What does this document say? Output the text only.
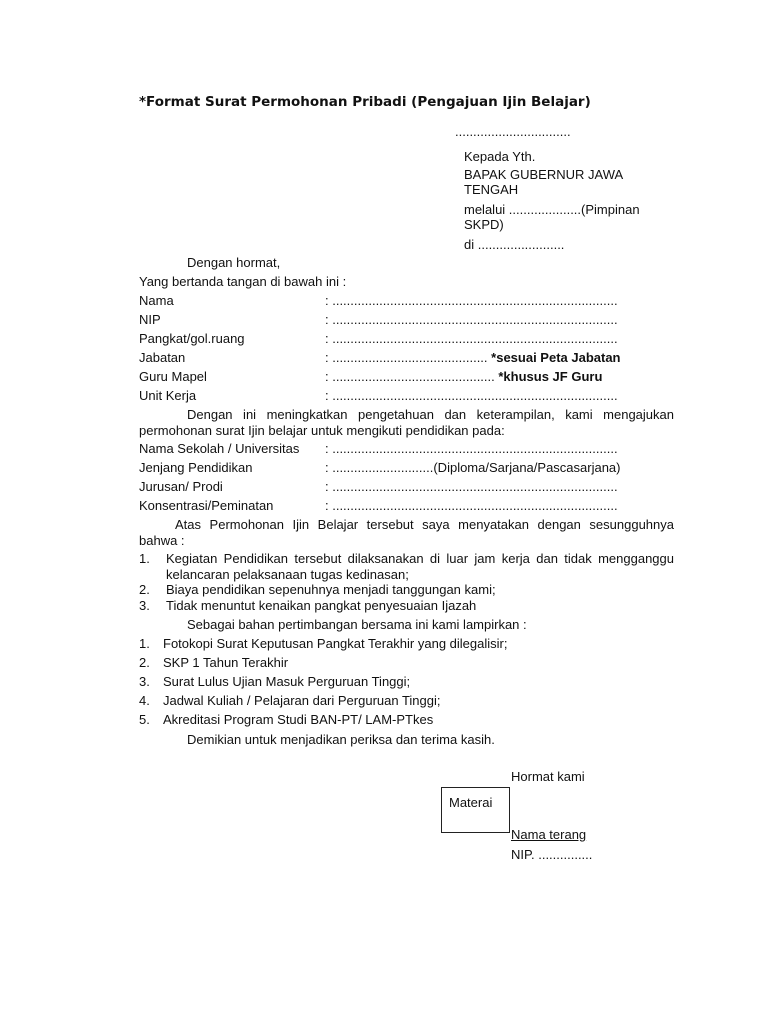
*Format Surat Permohonan Pribadi (Pengajuan Ijin Belajar)
................................
Kepada Yth.
BAPAK GUBERNUR JAWA
TENGAH
melalui ....................(Pimpinan
SKPD)
di ........................
Dengan hormat,
Yang bertanda tangan di bawah ini :
Nama	: ...............................................................................
NIP	: ...............................................................................
Pangkat/gol.ruang	: ...............................................................................
Jabatan	: ........................................... *sesuai Peta Jabatan
Guru Mapel	: ............................................. *khusus JF Guru
Unit Kerja	: ...............................................................................
Dengan ini meningkatkan pengetahuan dan keterampilan, kami mengajukan permohonan surat Ijin belajar untuk mengikuti pendidikan pada:
Nama Sekolah / Universitas : ...............................................................................
Jenjang Pendidikan	: ............................(Diploma/Sarjana/Pascasarjana)
Jurusan/ Prodi	: ...............................................................................
Konsentrasi/Peminatan	: ...............................................................................
Atas Permohonan Ijin Belajar tersebut saya menyatakan dengan sesungguhnya bahwa :
1. Kegiatan Pendidikan tersebut dilaksanakan di luar jam kerja dan tidak mengganggu kelancaran pelaksanaan tugas kedinasan;
2. Biaya pendidikan sepenuhnya menjadi tanggungan kami;
3. Tidak menuntut kenaikan pangkat penyesuaian Ijazah
Sebagai bahan pertimbangan bersama ini kami lampirkan :
1. Fotokopi Surat Keputusan Pangkat Terakhir yang dilegalisir;
2. SKP 1 Tahun Terakhir
3. Surat Lulus Ujian Masuk Perguruan Tinggi;
4. Jadwal Kuliah / Pelajaran dari Perguruan Tinggi;
5. Akreditasi Program Studi BAN-PT/ LAM-PTkes
Demikian untuk menjadikan periksa dan terima kasih.
Hormat kami
Materai
Nama terang
NIP. ...............
